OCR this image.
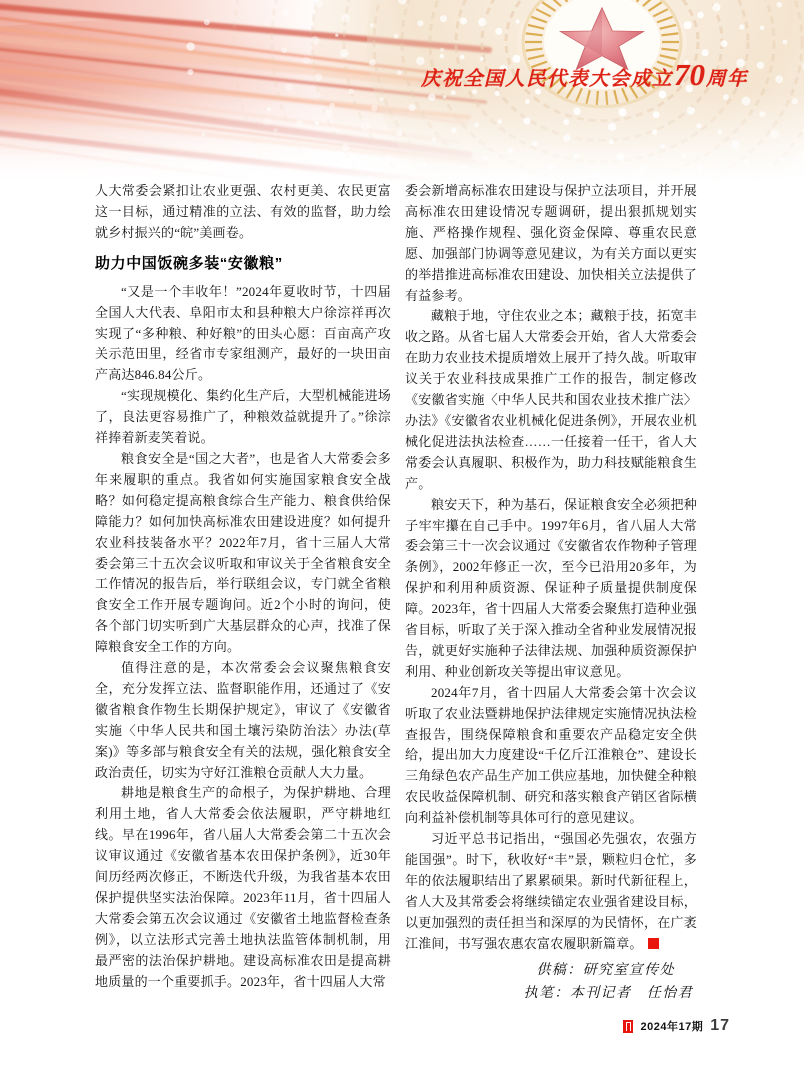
庆祝全国人民代表大会成立70周年

人大常委会紧扣让农业更强、农村更美、农民更富这一目标，通过精准的立法、有效的监督，助力绘就乡村振兴的“皖”美画卷。

助力中国饭碗多装“安徽粮”

“又是一个丰收年！”2024年夏收时节，十四届全国人大代表、阜阳市太和县种粮大户徐淙祥再次实现了“多种粮、种好粮”的田头心愿：百亩高产攻关示范田里，经省市专家组测产，最好的一块田亩产高达846.84公斤。

“实现规模化、集约化生产后，大型机械能进场了，良法更容易推广了，种粮效益就提升了。”徐淙祥捧着新麦笑着说。

粮食安全是“国之大者”，也是省人大常委会多年来履职的重点。我省如何实施国家粮食安全战略？如何稳定提高粮食综合生产能力、粮食供给保障能力？如何加快高标准农田建设进度？如何提升农业科技装备水平？2022年7月，省十三届人大常委会第三十五次会议听取和审议关于全省粮食安全工作情况的报告后，举行联组会议，专门就全省粮食安全工作开展专题询问。近2个小时的询问，使各个部门切实听到广大基层群众的心声，找准了保障粮食安全工作的方向。

值得注意的是，本次常委会会议聚焦粮食安全，充分发挥立法、监督职能作用，还通过了《安徽省粮食作物生长期保护规定》，审议了《安徽省实施〈中华人民共和国土壤污染防治法〉办法(草案)》等多部与粮食安全有关的法规，强化粮食安全政治责任，切实为守好江淮粮仓贡献人大力量。

耕地是粮食生产的命根子，为保护耕地、合理利用土地，省人大常委会依法履职，严守耕地红线。早在1996年，省八届人大常委会第二十五次会议审议通过《安徽省基本农田保护条例》，近30年间历经两次修正，不断迭代升级，为我省基本农田保护提供坚实法治保障。2023年11月，省十四届人大常委会第五次会议通过《安徽省土地监督检查条例》，以立法形式完善土地执法监管体制机制，用最严密的法治保护耕地。建设高标准农田是提高耕地质量的一个重要抓手。2023年，省十四届人大常

委会新增高标准农田建设与保护立法项目，并开展高标准农田建设情况专题调研，提出狠抓规划实施、严格操作规程、强化资金保障、尊重农民意愿、加强部门协调等意见建议，为有关方面以更实的举措推进高标准农田建设、加快相关立法提供了有益参考。

藏粮于地，守住农业之本；藏粮于技，拓宽丰收之路。从省七届人大常委会开始，省人大常委会在助力农业技术提质增效上展开了持久战。听取审议关于农业科技成果推广工作的报告，制定修改《安徽省实施〈中华人民共和国农业技术推广法〉办法》《安徽省农业机械化促进条例》，开展农业机械化促进法执法检查……一任接着一任干，省人大常委会认真履职、积极作为，助力科技赋能粮食生产。

粮安天下，种为基石，保证粮食安全必须把种子牢牢攥在自己手中。1997年6月，省八届人大常委会第三十一次会议通过《安徽省农作物种子管理条例》，2002年修正一次，至今已沿用20多年，为保护和利用种质资源、保证种子质量提供制度保障。2023年，省十四届人大常委会聚焦打造种业强省目标，听取了关于深入推动全省种业发展情况报告，就更好实施种子法律法规、加强种质资源保护利用、种业创新攻关等提出审议意见。

2024年7月，省十四届人大常委会第十次会议听取了农业法暨耕地保护法律规定实施情况执法检查报告，围绕保障粮食和重要农产品稳定安全供给，提出加大力度建设“千亿斤江淮粮仓”、建设长三角绿色农产品生产加工供应基地，加快健全种粮农民收益保障机制、研究和落实粮食产销区省际横向利益补偿机制等具体可行的意见建议。

习近平总书记指出，“强国必先强农，农强方能国强”。时下，秋收好“丰”景，颗粒归仓忙，多年的依法履职结出了累累硕果。新时代新征程上，省人大及其常委会将继续锚定农业强省建设目标，以更加强烈的责任担当和深厚的为民情怀，在广袤江淮间，书写强农惠农富农履职新篇章。

供稿：研究室宣传处
执笔：本刊记者　任怡君
2024年17期 17
